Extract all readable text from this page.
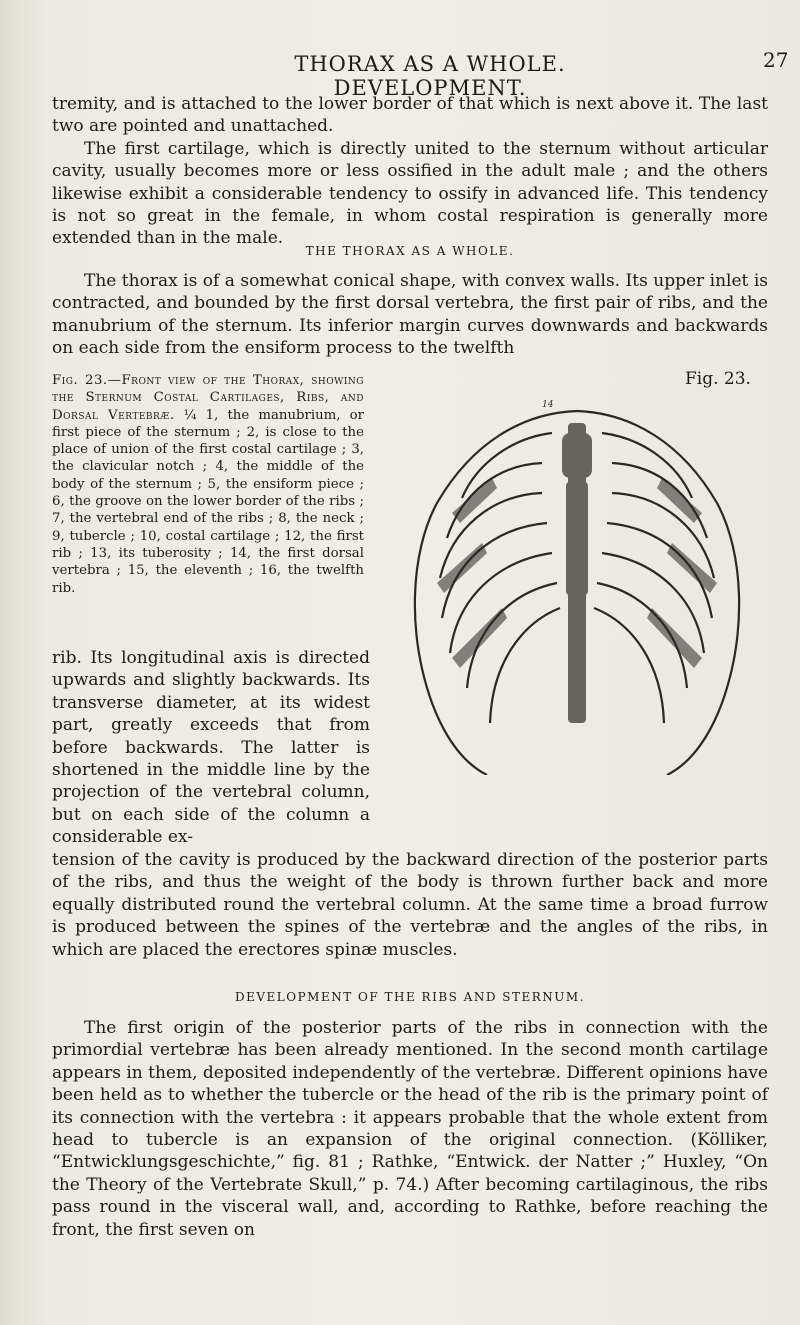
THORAX AS A WHOLE. DEVELOPMENT.
27
tremity, and is attached to the lower border of that which is next above it. The last two are pointed and unattached.
The first cartilage, which is directly united to the sternum without articular cavity, usually becomes more or less ossified in the adult male ; and the others likewise exhibit a considerable tendency to ossify in advanced life. This tendency is not so great in the female, in whom costal respiration is generally more extended than in the male.
THE THORAX AS A WHOLE.
The thorax is of a somewhat conical shape, with convex walls. Its upper inlet is contracted, and bounded by the first dorsal vertebra, the first pair of ribs, and the manubrium of the sternum. Its inferior margin curves downwards and backwards on each side from the ensiform process to the twelfth
Fig. 23.—Front view of the Thorax, showing the Sternum Costal Cartilages, Ribs, and Dorsal Vertebræ. ¼ 1, the manubrium, or first piece of the sternum ; 2, is close to the place of union of the first costal cartilage ; 3, the clavicular notch ; 4, the middle of the body of the sternum ; 5, the ensiform piece ; 6, the groove on the lower border of the ribs ; 7, the vertebral end of the ribs ; 8, the neck ; 9, tubercle ; 10, costal cartilage ; 12, the first rib ; 13, its tuberosity ; 14, the first dorsal vertebra ; 15, the eleventh ; 16, the twelfth rib.
rib. Its longitudinal axis is directed upwards and slightly backwards. Its transverse diameter, at its widest part, greatly exceeds that from before backwards. The latter is shortened in the middle line by the projection of the vertebral column, but on each side of the column a considerable ex-
Fig. 23.
14
tension of the cavity is produced by the backward direction of the posterior parts of the ribs, and thus the weight of the body is thrown further back and more equally distributed round the vertebral column. At the same time a broad furrow is produced between the spines of the vertebræ and the angles of the ribs, in which are placed the erectores spinæ muscles.
DEVELOPMENT OF THE RIBS AND STERNUM.
The first origin of the posterior parts of the ribs in connection with the primordial vertebræ has been already mentioned. In the second month cartilage appears in them, deposited independently of the vertebræ. Different opinions have been held as to whether the tubercle or the head of the rib is the primary point of its connection with the vertebra : it appears probable that the whole extent from head to tubercle is an expansion of the original connection. (Kölliker, “Entwicklungsgeschichte,” fig. 81 ; Rathke, “Entwick. der Natter ;” Huxley, “On the Theory of the Vertebrate Skull,” p. 74.) After becoming cartilaginous, the ribs pass round in the visceral wall, and, according to Rathke, before reaching the front, the first seven on
